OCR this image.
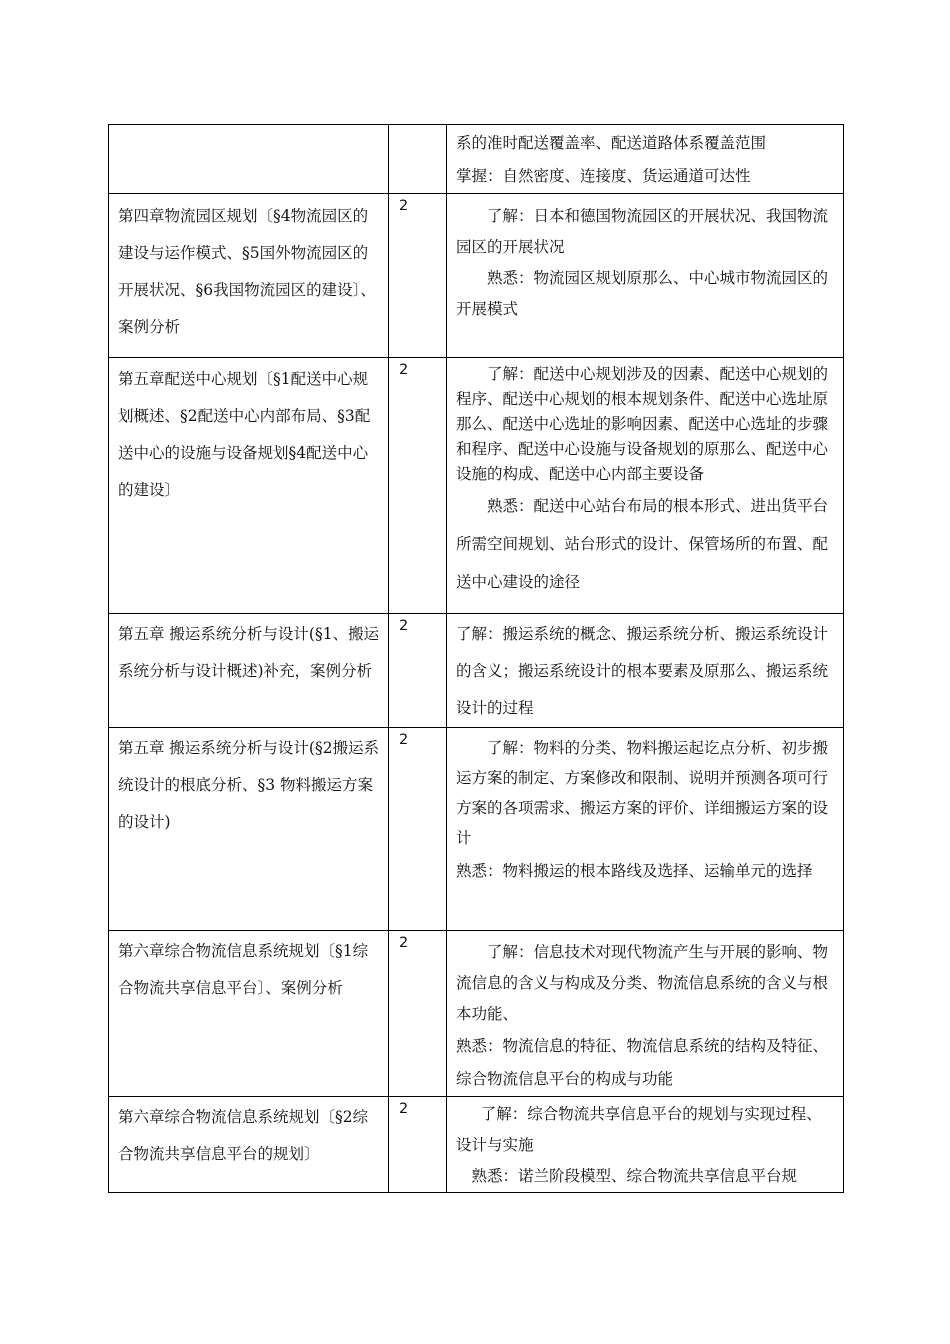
		系的准时配送覆盖率、配送道路体系覆盖范围
掌握：自然密度、连接度、货运通道可达性

第四章物流园区规划〔§4物流园区的建设与运作模式、§5国外物流园区的开展状况、§6我国物流园区的建设〕、案例分析	2	了解：日本和德国物流园区的开展状况、我国物流园区的开展状况
熟悉：物流园区规划原那么、中心城市物流园区的开展模式

第五章配送中心规划〔§1配送中心规划概述、§2配送中心内部布局、§3配送中心的设施与设备规划§4配送中心的建设〕	2	了解：配送中心规划涉及的因素、配送中心规划的程序、配送中心规划的根本规划条件、配送中心选址原那么、配送中心选址的影响因素、配送中心选址的步骤和程序、配送中心设施与设备规划的原那么、配送中心设施的构成、配送中心内部主要设备
熟悉：配送中心站台布局的根本形式、进出货平台所需空间规划、站台形式的设计、保管场所的布置、配送中心建设的途径

第五章 搬运系统分析与设计(§1、搬运系统分析与设计概述)补充，案例分析	2	了解：搬运系统的概念、搬运系统分析、搬运系统设计的含义；搬运系统设计的根本要素及原那么、搬运系统设计的过程

第五章 搬运系统分析与设计(§2搬运系统设计的根底分析、§3 物料搬运方案的设计)	2	了解：物料的分类、物料搬运起讫点分析、初步搬运方案的制定、方案修改和限制、说明并预测各项可行方案的各项需求、搬运方案的评价、详细搬运方案的设计
熟悉：物料搬运的根本路线及选择、运输单元的选择

第六章综合物流信息系统规划〔§1综合物流共享信息平台〕、案例分析	2	了解：信息技术对现代物流产生与开展的影响、物流信息的含义与构成及分类、物流信息系统的含义与根本功能、
熟悉：物流信息的特征、物流信息系统的结构及特征、综合物流信息平台的构成与功能

第六章综合物流信息系统规划〔§2综合物流共享信息平台的规划〕	2	了解：综合物流共享信息平台的规划与实现过程、设计与实施
熟悉：诺兰阶段模型、综合物流共享信息平台规
